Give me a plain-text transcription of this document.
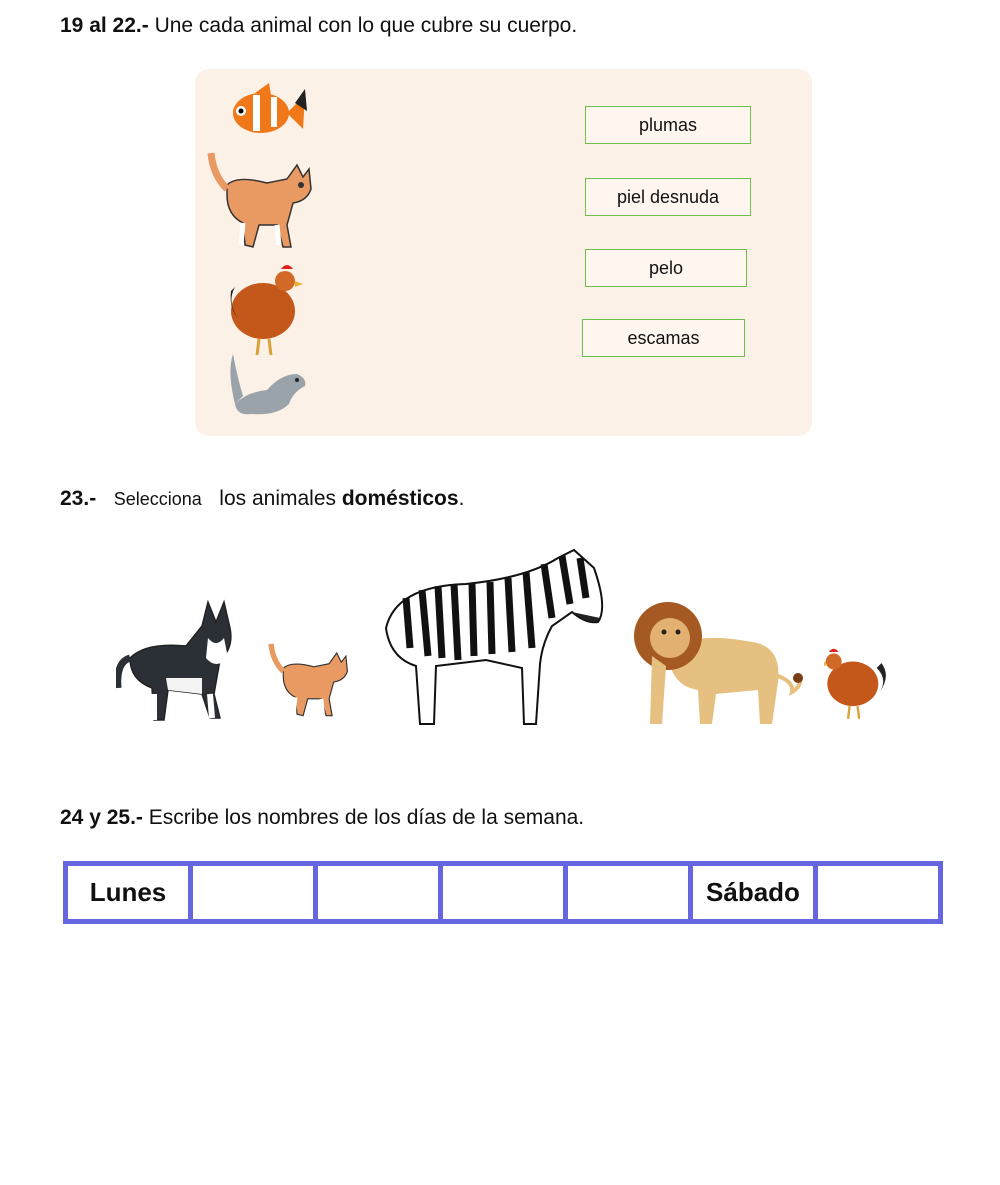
19 al 22.- Une cada animal con lo que cubre su cuerpo.
plumas
piel desnuda
pelo
escamas
23.- Selecciona los animales domésticos.
24 y 25.- Escribe los nombres de los días de la semana.
Lunes	Sábado
